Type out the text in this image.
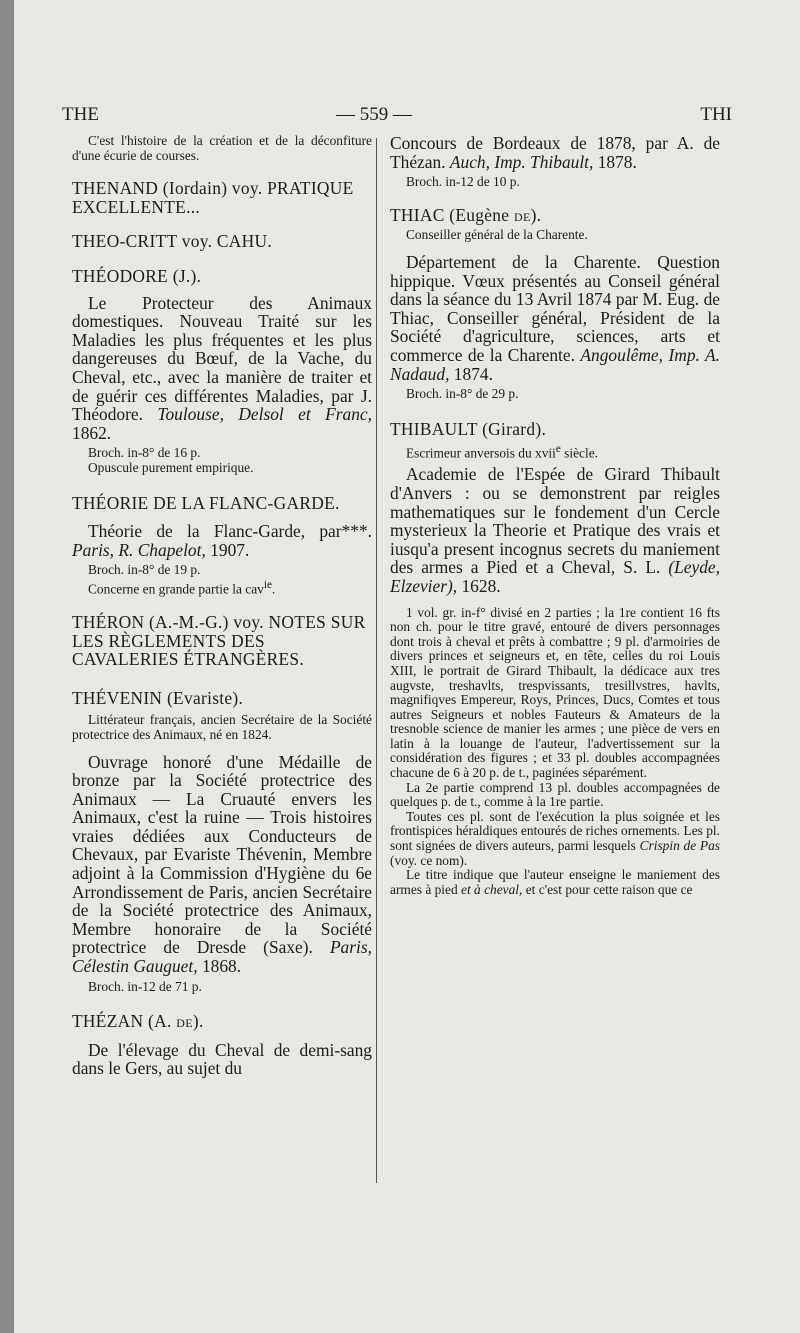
THE	— 559 —	THI

C'est l'histoire de la création et de la déconfiture d'une écurie de courses.

THENAND (Iordain) voy. PRATIQUE EXCELLENTE...

THEO-CRITT voy. CAHU.

THÉODORE (J.).

Le Protecteur des Animaux domestiques. Nouveau Traité sur les Maladies les plus fréquentes et les plus dangereuses du Bœuf, de la Vache, du Cheval, etc., avec la manière de traiter et de guérir ces différentes Maladies, par J. Théodore. Toulouse, Delsol et Franc, 1862.

Broch. in-8° de 16 p.

Opuscule purement empirique.

THÉORIE DE LA FLANC-GARDE.

Théorie de la Flanc-Garde, par***. Paris, R. Chapelot, 1907.

Broch. in-8° de 19 p.

Concerne en grande partie la cav$^{ie}$.

THÉRON (A.-M.-G.) voy. NOTES SUR LES RÈGLEMENTS DES CAVALERIES ÉTRANGÈRES.

THÉVENIN (Evariste).

Littérateur français, ancien Secrétaire de la Société protectrice des Animaux, né en 1824.

Ouvrage honoré d'une Médaille de bronze par la Société protectrice des Animaux — La Cruauté envers les Animaux, c'est la ruine — Trois histoires vraies dédiées aux Conducteurs de Chevaux, par Evariste Thévenin, Membre adjoint à la Commission d'Hygiène du 6e Arrondissement de Paris, ancien Secrétaire de la Société protectrice des Animaux, Membre honoraire de la Société protectrice de Dresde (Saxe). Paris, Célestin Gauguet, 1868.

Broch. in-12 de 71 p.

THÉZAN (A. de).

De l'élevage du Cheval de demi-sang dans le Gers, au sujet du

Concours de Bordeaux de 1878, par A. de Thézan. Auch, Imp. Thibault, 1878.

Broch. in-12 de 10 p.

THIAC (Eugène de).

Conseiller général de la Charente.

Département de la Charente. Question hippique. Vœux présentés au Conseil général dans la séance du 13 Avril 1874 par M. Eug. de Thiac, Conseiller général, Président de la Société d'agriculture, sciences, arts et commerce de la Charente. Angoulême, Imp. A. Nadaud, 1874.

Broch. in-8° de 29 p.

THIBAULT (Girard).

Escrimeur anversois du xvii$^e$ siècle.

Academie de l'Espée de Girard Thibault d'Anvers : ou se demonstrent par reigles mathematiques sur le fondement d'un Cercle mysterieux la Theorie et Pratique des vrais et iusqu'a present incognus secrets du maniement des armes a Pied et a Cheval, S. L. (Leyde, Elzevier), 1628.

1 vol. gr. in-f° divisé en 2 parties ; la 1re contient 16 fts non ch. pour le titre gravé, entouré de divers personnages dont trois à cheval et prêts à combattre ; 9 pl. d'armoiries de divers princes et seigneurs et, en tête, celles du roi Louis XIII, le portrait de Girard Thibault, la dédicace aux tres augvste, treshavlts, trespvissants, tresillvstres, havlts, magnifiqves Empereur, Roys, Princes, Ducs, Comtes et tous autres Seigneurs et nobles Fauteurs & Amateurs de la tresnoble science de manier les armes ; une pièce de vers en latin à la louange de l'auteur, l'advertissement sur la considération des figures ; et 33 pl. doubles accompagnées chacune de 6 à 20 p. de t., paginées séparément.

La 2e partie comprend 13 pl. doubles accompagnées de quelques p. de t., comme à la 1re partie.

Toutes ces pl. sont de l'exécution la plus soignée et les frontispices héraldiques entourés de riches ornements. Les pl. sont signées de divers auteurs, parmi lesquels Crispin de Pas (voy. ce nom).

Le titre indique que l'auteur enseigne le maniement des armes à pied et à cheval, et c'est pour cette raison que ce
